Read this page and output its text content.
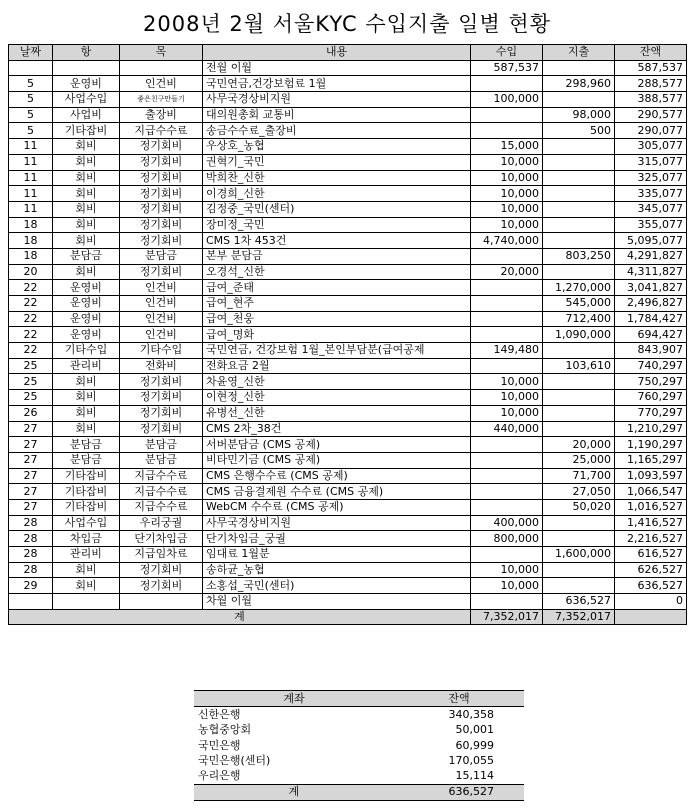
2008년 2월 서울KYC 수입지출 일별 현황
날짜	항	목	내용	수입	지출	잔액
			전월 이월	587,537		587,537
5	운영비	인건비	국민연금,건강보험료 1월		298,960	288,577
5	사업수입	좋은친구만들기	사무국경상비지원	100,000		388,577
5	사업비	출장비	대의원총회 교통비		98,000	290,577
5	기타잡비	지급수수료	송금수수료_출장비		500	290,077
11	회비	정기회비	우상호_농협	15,000		305,077
11	회비	정기회비	권혁기_국민	10,000		315,077
11	회비	정기회비	박희찬_신한	10,000		325,077
11	회비	정기회비	이경희_신한	10,000		335,077
11	회비	정기회비	김정중_국민(센터)	10,000		345,077
18	회비	정기회비	장미정_국민	10,000		355,077
18	회비	정기회비	CMS 1차 453건	4,740,000		5,095,077
18	분담금	분담금	본부 분담금		803,250	4,291,827
20	회비	정기회비	오경석_신한	20,000		4,311,827
22	운영비	인건비	급여_준태		1,270,000	3,041,827
22	운영비	인건비	급여_현주		545,000	2,496,827
22	운영비	인건비	급여_천웅		712,400	1,784,427
22	운영비	인건비	급여_명화		1,090,000	694,427
22	기타수입	기타수입	국민연금, 건강보험 1월_본인부담분(급여공제	149,480		843,907
25	관리비	전화비	전화요금 2월		103,610	740,297
25	회비	정기회비	차윤영_신한	10,000		750,297
25	회비	정기회비	이현정_신한	10,000		760,297
26	회비	정기회비	유병선_신한	10,000		770,297
27	회비	정기회비	CMS 2차_38건	440,000		1,210,297
27	분담금	분담금	서버분담금 (CMS 공제)		20,000	1,190,297
27	분담금	분담금	비타민기금 (CMS 공제)		25,000	1,165,297
27	기타잡비	지급수수료	CMS 은행수수료 (CMS 공제)		71,700	1,093,597
27	기타잡비	지급수수료	CMS 금융결제원 수수료 (CMS 공제)		27,050	1,066,547
27	기타잡비	지급수수료	WebCM 수수료 (CMS 공제)		50,020	1,016,527
28	사업수입	우리궁궐	사무국경상비지원	400,000		1,416,527
28	차입금	단기차입금	단기차입금_궁궐	800,000		2,216,527
28	관리비	지급임차료	임대료 1월분		1,600,000	616,527
28	회비	정기회비	송하균_농협	10,000		626,527
29	회비	정기회비	소홍섭_국민(센터)	10,000		636,527
			차월 이월		636,527	0
계				7,352,017	7,352,017	
계좌	잔액
신한은행	340,358
농협중앙회	50,001
국민은행	60,999
국민은행(센터)	170,055
우리은행	15,114
계	636,527
